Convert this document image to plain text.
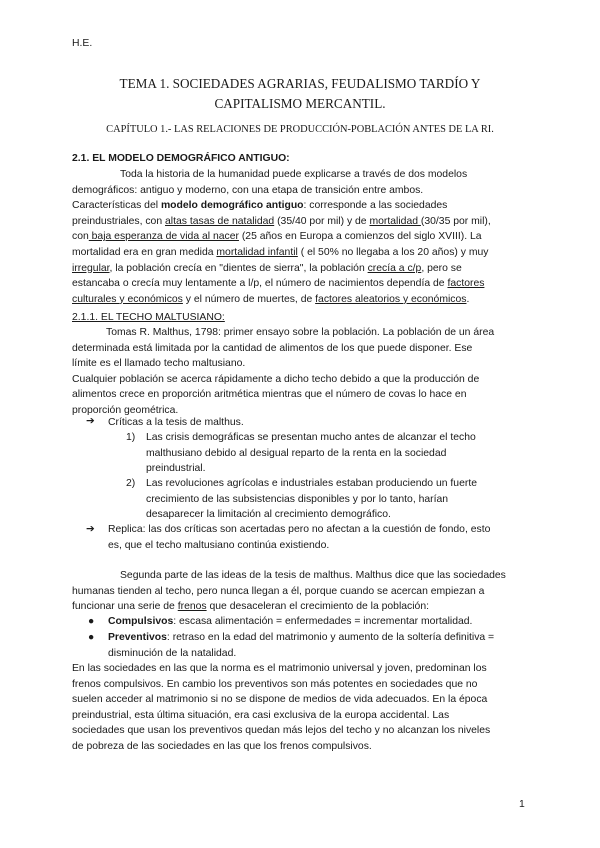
H.E.
TEMA 1. SOCIEDADES AGRARIAS, FEUDALISMO TARDÍO Y
CAPITALISMO MERCANTIL.
CAPÍTULO 1.- LAS RELACIONES DE PRODUCCIÓN-POBLACIÓN ANTES DE LA RI.
2.1. EL MODELO DEMOGRÁFICO ANTIGUO:
Toda la historia de la humanidad puede explicarse a través de dos modelos
demográficos: antiguo y moderno, con una etapa de transición entre ambos.
Características del modelo demográfico antiguo: corresponde a las sociedades
preindustriales, con altas tasas de natalidad (35/40 por mil) y de mortalidad (30/35 por mil),
con baja esperanza de vida al nacer (25 años en Europa a comienzos del siglo XVIII). La
mortalidad era en gran medida mortalidad infantil ( el 50% no llegaba a los 20 años) y muy
irregular, la población crecía en "dientes de sierra", la población crecía a c/p, pero se
estancaba o crecía muy lentamente a l/p, el número de nacimientos dependía de factores
culturales y económicos y el número de muertes, de factores aleatorios y económicos.
2.1.1. EL TECHO MALTUSIANO:
Tomas R. Malthus, 1798: primer ensayo sobre la población. La población de un área
determinada está limitada por la cantidad de alimentos de los que puede disponer. Ese
límite es el llamado techo maltusiano.
Cualquier población se acerca rápidamente a dicho techo debido a que la producción de
alimentos crece en proporción aritmética mientras que el número de covas lo hace en
proporción geométrica.
➔ Críticas a la tesis de malthus.
1) Las crisis demográficas se presentan mucho antes de alcanzar el techo
malthusiano debido al desigual reparto de la renta en la sociedad
preindustrial.
2) Las revoluciones agrícolas e industriales estaban produciendo un fuerte
crecimiento de las subsistencias disponibles y por lo tanto, harían
desaparecer la limitación al crecimiento demográfico.
➔ Replica: las dos críticas son acertadas pero no afectan a la cuestión de fondo, esto
es, que el techo maltusiano continúa existiendo.
Segunda parte de las ideas de la tesis de malthus. Malthus dice que las sociedades
humanas tienden al techo, pero nunca llegan a él, porque cuando se acercan empiezan a
funcionar una serie de frenos que desaceleran el crecimiento de la población:
● Compulsivos: escasa alimentación = enfermedades = incrementar mortalidad.
● Preventivos: retraso en la edad del matrimonio y aumento de la soltería definitiva =
disminución de la natalidad.
En las sociedades en las que la norma es el matrimonio universal y joven, predominan los
frenos compulsivos. En cambio los preventivos son más potentes en sociedades que no
suelen acceder al matrimonio si no se dispone de medios de vida adecuados. En la época
preindustrial, esta última situación, era casi exclusiva de la europa accidental. Las
sociedades que usan los preventivos quedan más lejos del techo y no alcanzan los niveles
de pobreza de las sociedades en las que los frenos compulsivos.
1
